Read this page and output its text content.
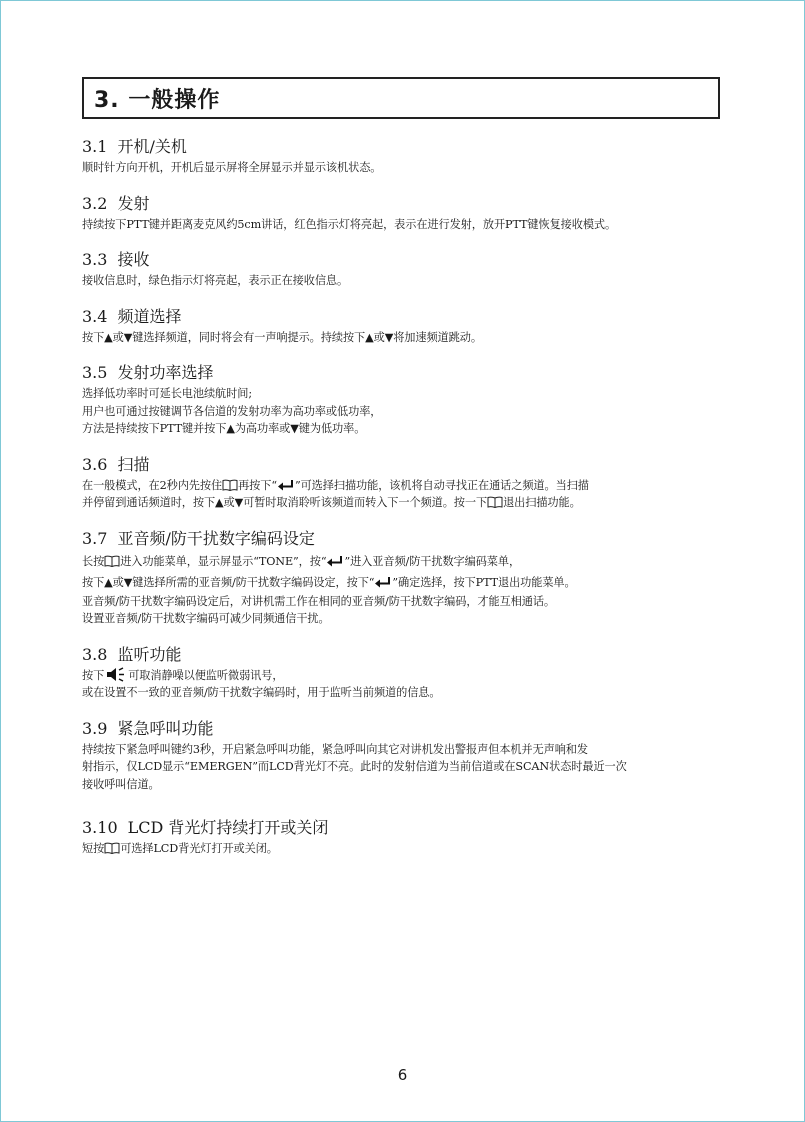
3. 一般操作
3.1 开机/关机
顺时针方向开机，开机后显示屏将全屏显示并显示该机状态。
3.2 发射
持续按下PTT键并距离麦克风约5cm讲话，红色指示灯将亮起，表示在进行发射，放开PTT键恢复接收模式。
3.3 接收
接收信息时，绿色指示灯将亮起，表示正在接收信息。
3.4 频道选择
按下▲或▼键选择频道，同时将会有一声响提示。持续按下▲或▼将加速频道跳动。
3.5 发射功率选择
选择低功率时可延长电池续航时间;
用户也可通过按键调节各信道的发射功率为高功率或低功率，
方法是持续按下PTT键并按下▲为高功率或▼键为低功率。
3.6 扫描
在一般模式，在2秒内先按住 再按下“ ”可选择扫描功能，该机将自动寻找正在通话之频道。当扫描
并停留到通话频道时，按下▲或▼可暂时取消聆听该频道而转入下一个频道。按一下 退出扫描功能。
3.7 亚音频/防干扰数字编码设定
长按 进入功能菜单，显示屏显示“TONE”，按“ ”进入亚音频/防干扰数字编码菜单，
按下▲或▼键选择所需的亚音频/防干扰数字编码设定，按下“ ”确定选择，按下PTT退出功能菜单。
亚音频/防干扰数字编码设定后，对讲机需工作在相同的亚音频/防干扰数字编码，才能互相通话。
设置亚音频/防干扰数字编码可减少同频通信干扰。
3.8 监听功能
按下 可取消静噪以便监听微弱讯号，
或在设置不一致的亚音频/防干扰数字编码时，用于监听当前频道的信息。
3.9 紧急呼叫功能
持续按下紧急呼叫键约3秒，开启紧急呼叫功能，紧急呼叫向其它对讲机发出警报声但本机并无声响和发
射指示，仅LCD显示“EMERGEN”而LCD背光灯不亮。此时的发射信道为当前信道或在SCAN状态时最近一次
接收呼叫信道。
3.10 LCD 背光灯持续打开或关闭
短按 可选择LCD背光灯打开或关闭。
6
